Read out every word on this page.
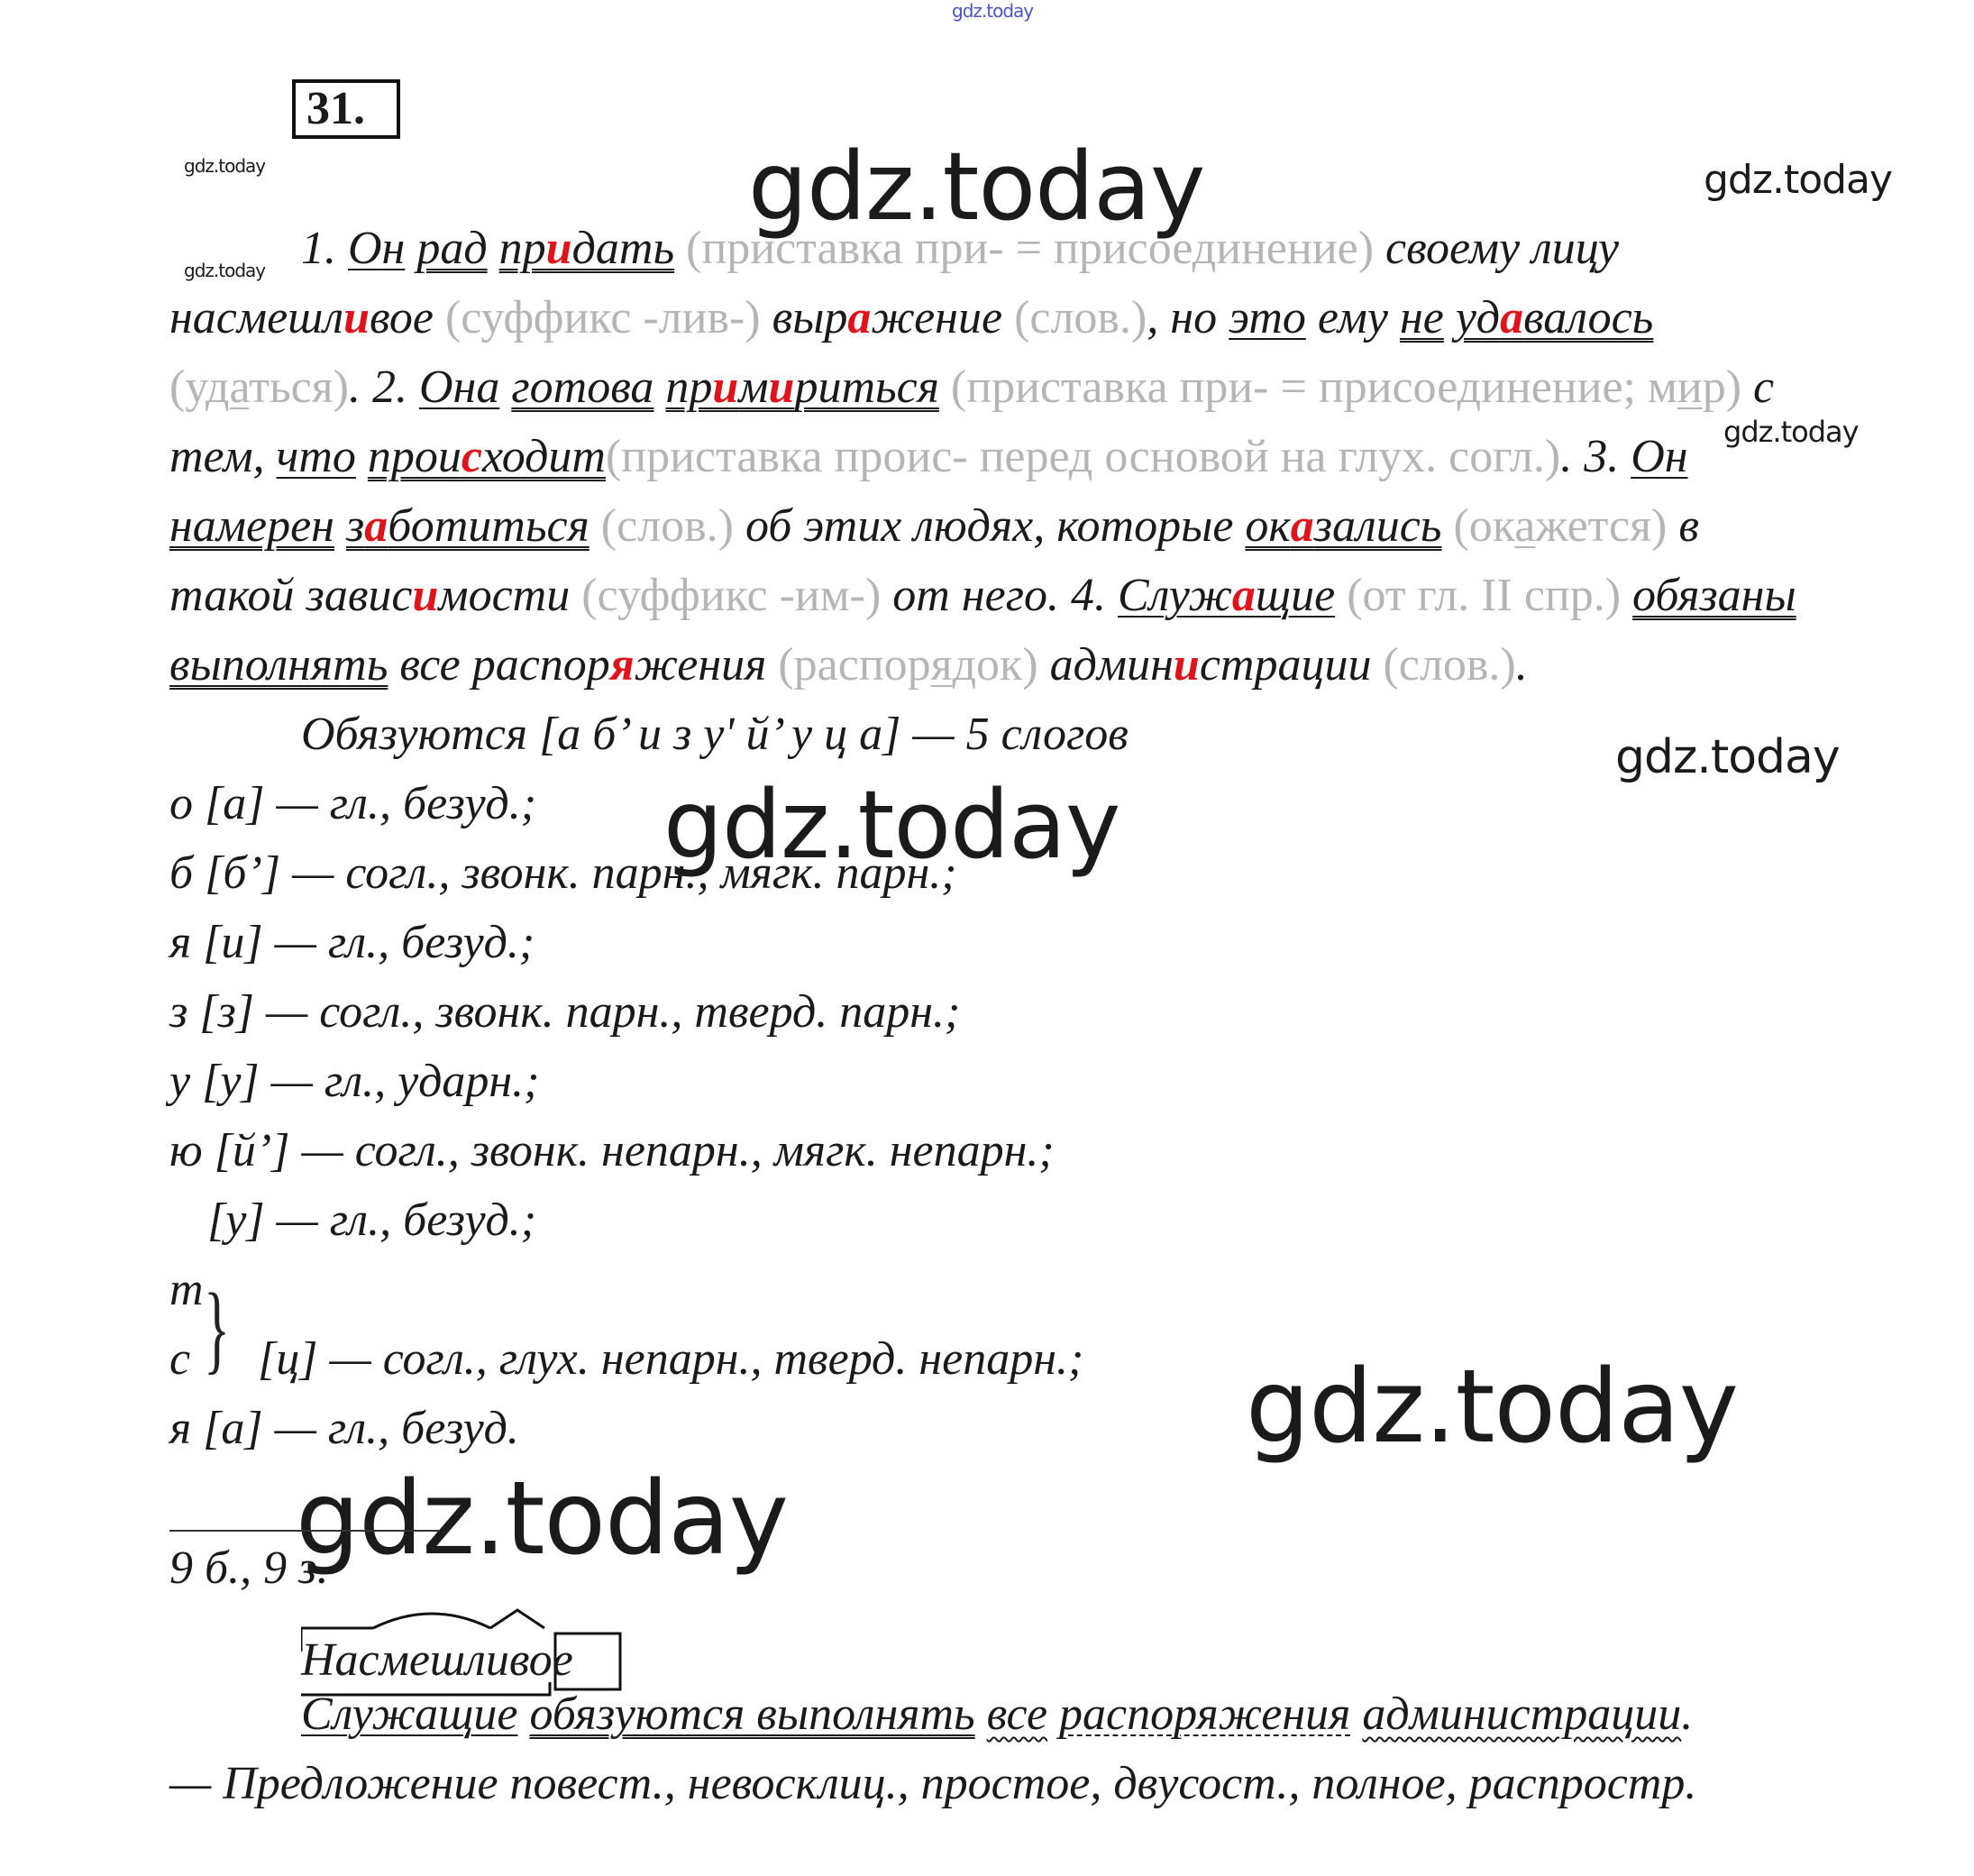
gdz.today
gdz.today
gdz.today
gdz.today	gdz.today
gdz.today
gdz.today
gdz.today
gdz.today
gdz.today
31.
1. Он рад придать (приставка при- = присоединение) своему лицу
насмешливое (суффикс -лив-) выражение (слов.), но это ему не удавалось
(удаться). 2. Она готова примириться (приставка при- = присоединение; мир) с
тем, что происходит(приставка проис- перед основой на глух. согл.). 3. Он
намерен заботиться (слов.) об этих людях, которые оказались (окажется) в
такой зависимости (суффикс -им-) от него. 4. Служащие (от гл. II спр.) обязаны
выполнять все распоряжения (распорядок) администрации (слов.).
Обязуются [а б’ и з у' й’ у ц а] — 5 слогов
о [а] — гл., безуд.;
б [б’] — согл., звонк. парн., мягк. парн.;
я [и] — гл., безуд.;
з [з] — согл., звонк. парн., тверд. парн.;
у [у] — гл., ударн.;
ю [й’] — согл., звонк. непарн., мягк. непарн.;
[у] — гл., безуд.;
т }
с [ц] — согл., глух. непарн., тверд. непарн.;
я [а] — гл., безуд.
9 б., 9 з.
Насмешливое
Служащие обязуются выполнять все распоряжения администрации.
— Предложение повест., невосклиц., простое, двусост., полное, распростр.
